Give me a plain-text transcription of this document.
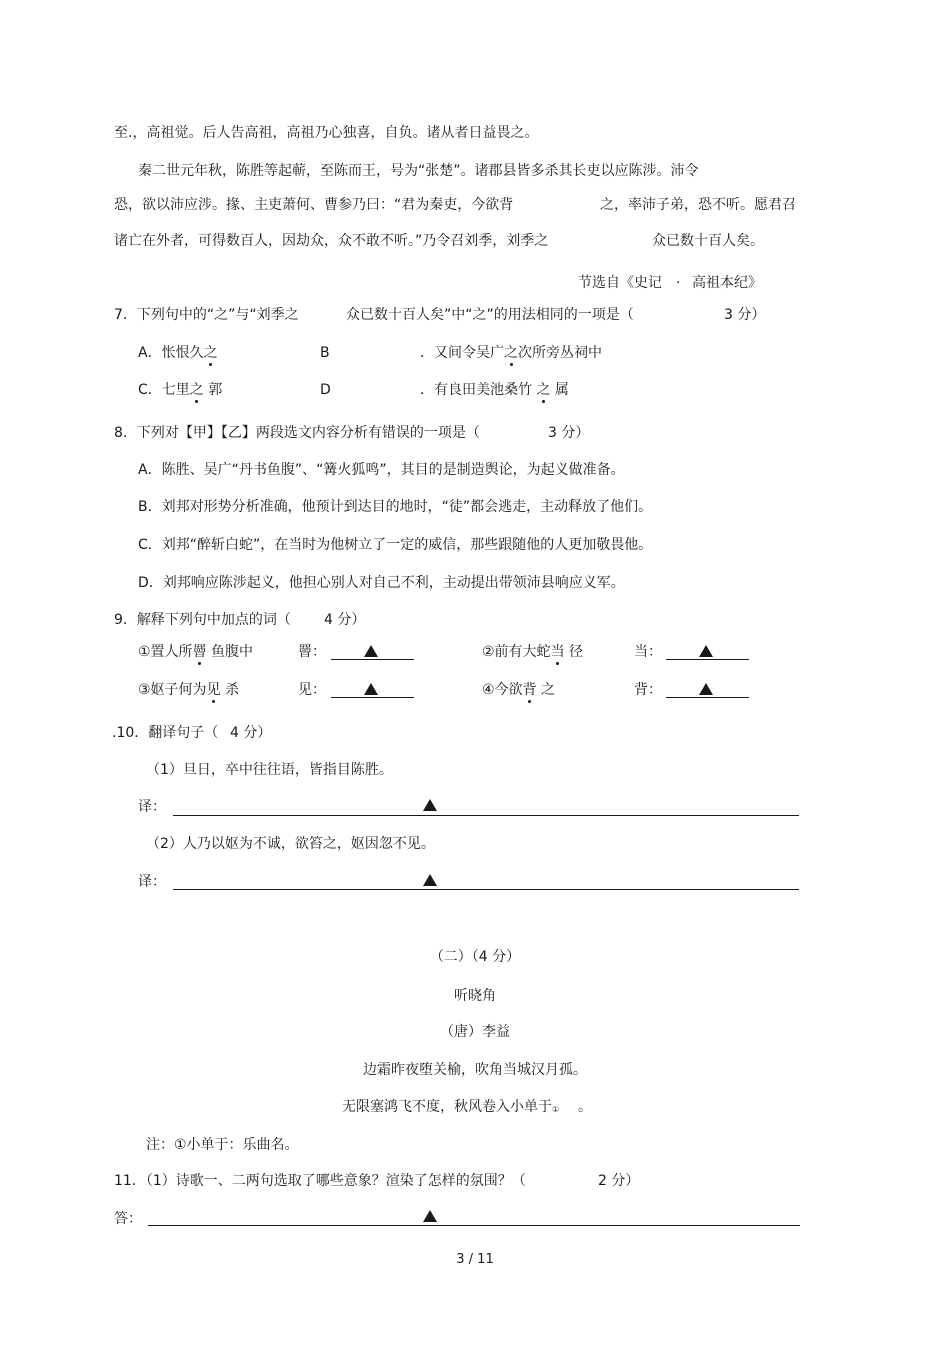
至.，高祖觉。后人告高祖，高祖乃心独喜，自负。诸从者日益畏之。
秦二世元年秋，陈胜等起蕲，至陈而王，号为“张楚”。诸郡县皆多杀其长吏以应陈涉。沛令
恐，欲以沛应涉。掾、主吏萧何、曹参乃曰：“君为秦吏，今欲背	之，率沛子弟，恐不听。愿君召
诸亡在外者，可得数百人，因劫众，众不敢不听。”乃令召刘季，刘季之	众已数十百人矣。
节选自《史记 · 高祖本纪》
7．下列句中的“之”与“刘季之	众已数十百人矣”中“之”的用法相同的一项是（	3 分）
A．怅恨久之	B	．又间令吴广之次所旁丛祠中
C．七里之 郭	D	．有良田美池桑竹 之 属
8．下列对【甲】【乙】两段选文内容分析有错误的一项是（	3 分）
A．陈胜、吴广“丹书鱼腹”、“篝火狐鸣”，其目的是制造舆论，为起义做准备。
B．刘邦对形势分析准确，他预计到达目的地时，“徒”都会逃走，主动释放了他们。
C．刘邦“醉斩白蛇”，在当时为他树立了一定的威信，那些跟随他的人更加敬畏他。
D．刘邦响应陈涉起义，他担心别人对自己不利，主动提出带领沛县响应义军。
9．解释下列句中加点的词（ 4 分）
①置人所罾 鱼腹中	罾：	②前有大蛇当 径	当：
③妪子何为见 杀	见：	④今欲背 之	背：
.10．翻译句子（ 4 分）
（1）旦日，卒中往往语，皆指目陈胜。
译：
（2）人乃以妪为不诚，欲笞之，妪因忽不见。
译：
（二）（4 分）
听晓角
（唐）李益
边霜昨夜堕关榆，吹角当城汉月孤。
无限塞鸿飞不度，秋风卷入小单于 ① 。
注：①小单于：乐曲名。
11．（1）诗歌一、二两句选取了哪些意象？渲染了怎样的氛围？（	2 分）
答：
3 / 11
